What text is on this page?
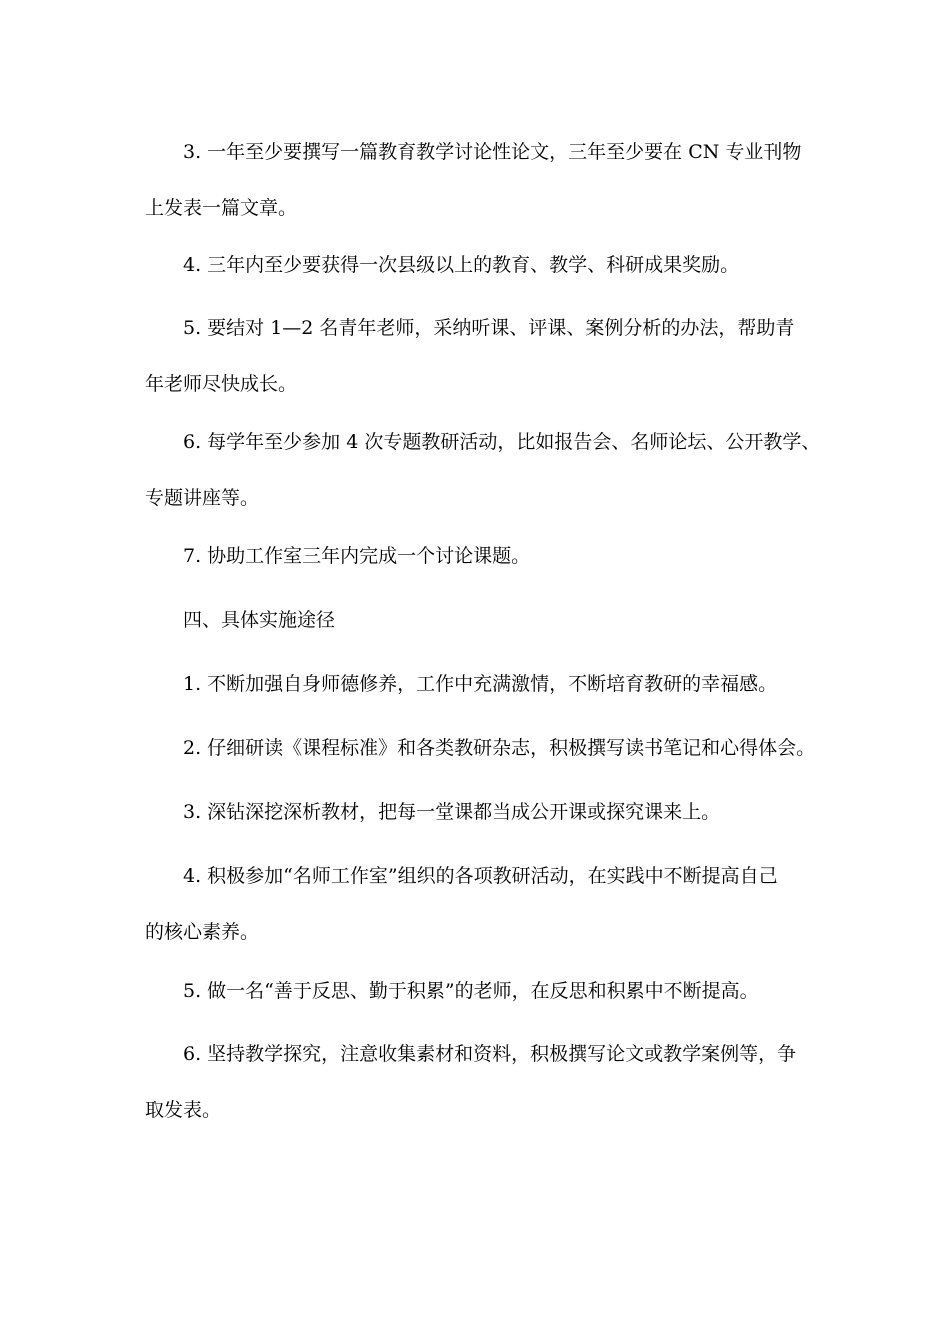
3. 一年至少要撰写一篇教育教学讨论性论文，三年至少要在 CN 专业刊物
上发表一篇文章。
4. 三年内至少要获得一次县级以上的教育、教学、科研成果奖励。
5. 要结对 1—2 名青年老师，采纳听课、评课、案例分析的办法，帮助青
年老师尽快成长。
6. 每学年至少参加 4 次专题教研活动，比如报告会、名师论坛、公开教学、
专题讲座等。
7. 协助工作室三年内完成一个讨论课题。
四、具体实施途径
1. 不断加强自身师德修养，工作中充满激情，不断培育教研的幸福感。
2. 仔细研读《课程标准》和各类教研杂志，积极撰写读书笔记和心得体会。
3. 深钻深挖深析教材，把每一堂课都当成公开课或探究课来上。
4. 积极参加“名师工作室”组织的各项教研活动，在实践中不断提高自己
的核心素养。
5. 做一名“善于反思、勤于积累”的老师，在反思和积累中不断提高。
6. 坚持教学探究，注意收集素材和资料，积极撰写论文或教学案例等，争
取发表。
